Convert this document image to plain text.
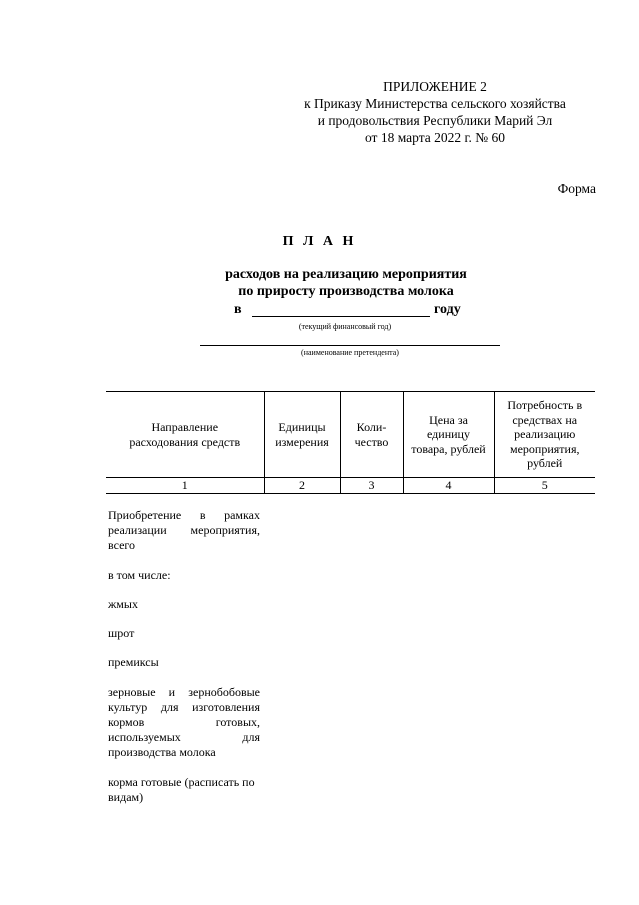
ПРИЛОЖЕНИЕ 2
к Приказу Министерства сельского хозяйства
и продовольствия Республики Марий Эл
от 18 марта 2022 г. № 60
Форма
П Л А Н
расходов на реализацию мероприятия
по приросту производства молока
в	году
(текущий финансовый год)
(наименование претендента)
Направление расходования средств	Единицы измерения	Коли-чество	Цена за единицу товара, рублей	Потребность в средствах на реализацию мероприятия, рублей
1	2	3	4	5
Приобретение в рамках реализации мероприятия, всего
в том числе:
жмых
шрот
премиксы
зерновые и зернобобовые культур для изготовления кормов готовых, используемых для производства молока
корма готовые (расписать по видам)
